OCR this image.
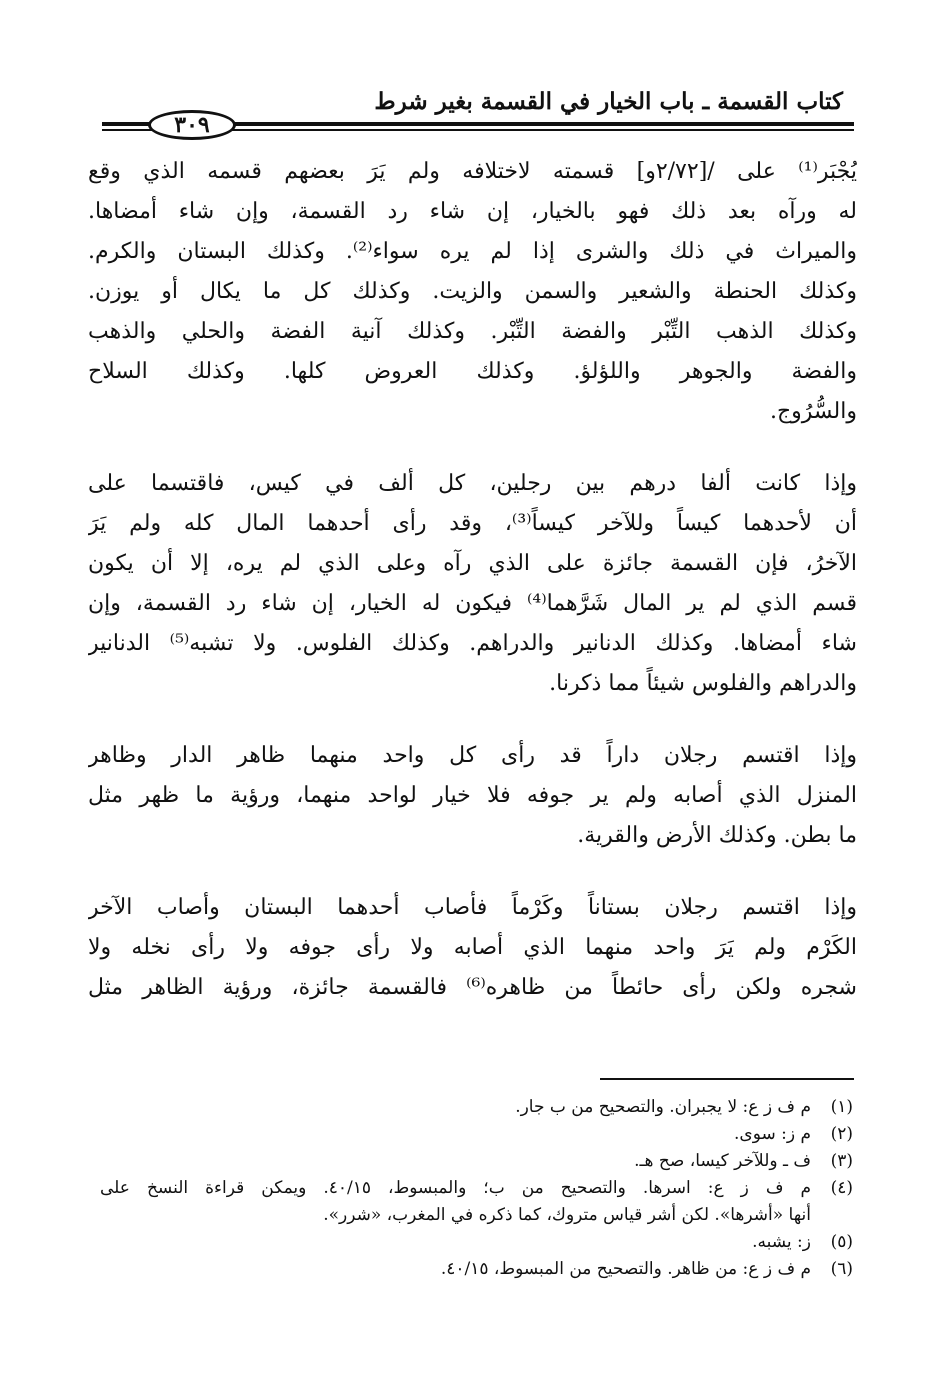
كتاب القسمة ـ باب الخيار في القسمة بغير شرط
٣٠٩
يُجْبَر⁽¹⁾ على /[٢/٧٢و] قسمته لاختلافه ولم يَرَ بعضهم قسمه الذي وقع
له ورآه بعد ذلك فهو بالخيار، إن شاء رد القسمة، وإن شاء أمضاها.
والميراث في ذلك والشرى إذا لم يره سواء⁽²⁾. وكذلك البستان والكرم.
وكذلك الحنطة والشعير والسمن والزيت. وكذلك كل ما يكال أو يوزن.
وكذلك الذهب التِّبْر والفضة التِّبْر. وكذلك آنية الفضة والحلي والذهب
والفضة والجوهر واللؤلؤ. وكذلك العروض كلها. وكذلك السلاح
والسُّرُوج.
وإذا كانت ألفا درهم بين رجلين، كل ألف في كيس، فاقتسما على
أن لأحدهما كيساً وللآخر كيساً⁽³⁾، وقد رأى أحدهما المال كله ولم يَرَ
الآخرُ، فإن القسمة جائزة على الذي رآه وعلى الذي لم يره، إلا أن يكون
قسم الذي لم ير المال شَرَّهما⁽⁴⁾ فيكون له الخيار، إن شاء رد القسمة، وإن
شاء أمضاها. وكذلك الدنانير والدراهم. وكذلك الفلوس. ولا تشبه⁽⁵⁾ الدنانير
والدراهم والفلوس شيئاً مما ذكرنا.
وإذا اقتسم رجلان داراً قد رأى كل واحد منهما ظاهر الدار وظاهر
المنزل الذي أصابه ولم ير جوفه فلا خيار لواحد منهما، ورؤية ما ظهر مثل
ما بطن. وكذلك الأرض والقرية.
وإذا اقتسم رجلان بستاناً وكَرْماً فأصاب أحدهما البستان وأصاب الآخر
الكَرْم ولم يَرَ واحد منهما الذي أصابه ولا رأى جوفه ولا رأى نخله ولا
شجره ولكن رأى حائطاً من ظاهره⁽⁶⁾ فالقسمة جائزة، ورؤية الظاهر مثل
(١)
م ف ز ع: لا يجبران. والتصحيح من ب جار.
(٢)
م ز: سوى.
(٣)
ف ـ وللآخر كيسا، صح هـ.
(٤)
م ف ز ع: اسرها. والتصحيح من ب؛ والمبسوط، ٤٠/١٥. ويمكن قراءة النسخ على
أنها «أشرها». لكن أشر قياس متروك، كما ذكره في المغرب، «شرر».
(٥)
ز: يشبه.
(٦)
م ف ز ع: من ظاهر. والتصحيح من المبسوط، ٤٠/١٥.
